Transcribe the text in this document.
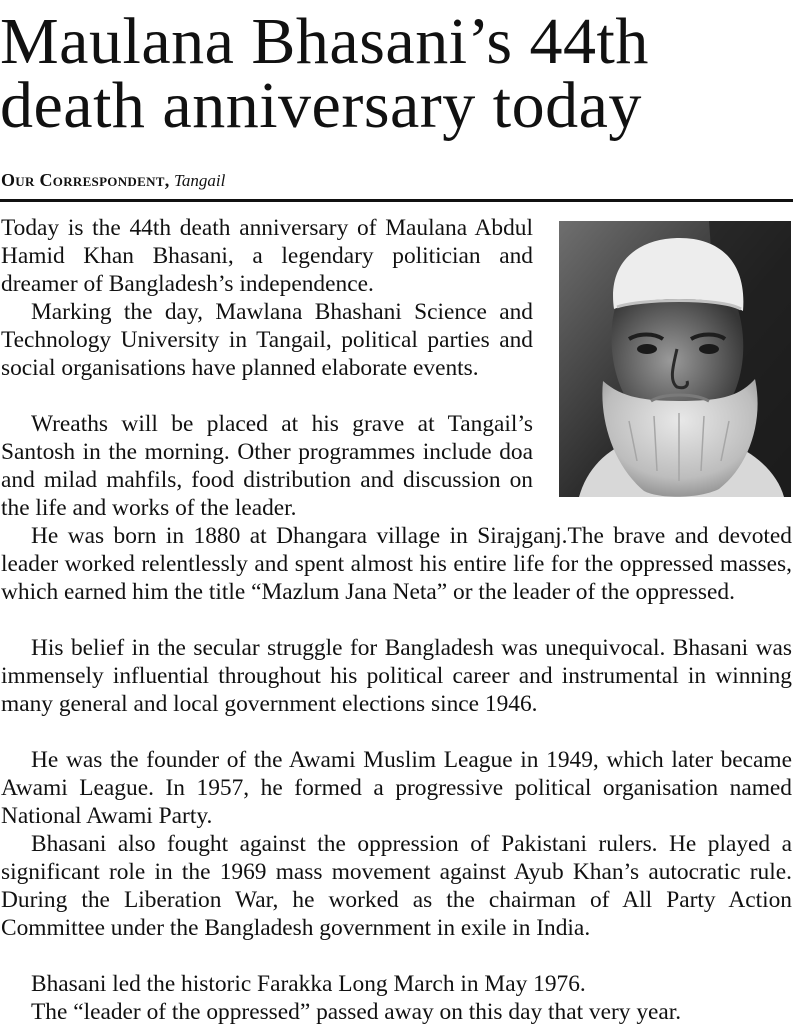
Maulana Bhasani’s 44th death anniversary today
Our Correspondent, Tangail

Today is the 44th death anniversary of Maulana Abdul Hamid Khan Bhasani, a legendary politician and dreamer of Bangladesh’s independence.

Marking the day, Mawlana Bhashani Science and Technology University in Tangail, political parties and social organisations have planned elaborate events.

Wreaths will be placed at his grave at Tangail’s Santosh in the morning. Other programmes include doa and milad mahfils, food distribution and discussion on the life and works of the leader.

He was born in 1880 at Dhangara village in Sirajganj.The brave and devoted leader worked relentlessly and spent almost his entire life for the oppressed masses, which earned him the title “Mazlum Jana Neta” or the leader of the oppressed.

His belief in the secular struggle for Bangladesh was unequivocal. Bhasani was immensely influential throughout his political career and instrumental in winning many general and local government elections since 1946.

He was the founder of the Awami Muslim League in 1949, which later became Awami League. In 1957, he formed a progressive political organisation named National Awami Party.

Bhasani also fought against the oppression of Pakistani rulers. He played a significant role in the 1969 mass movement against Ayub Khan’s autocratic rule. During the Liberation War, he worked as the chairman of All Party Action Committee under the Bangladesh government in exile in India.

Bhasani led the historic Farakka Long March in May 1976.

The “leader of the oppressed” passed away on this day that very year.
